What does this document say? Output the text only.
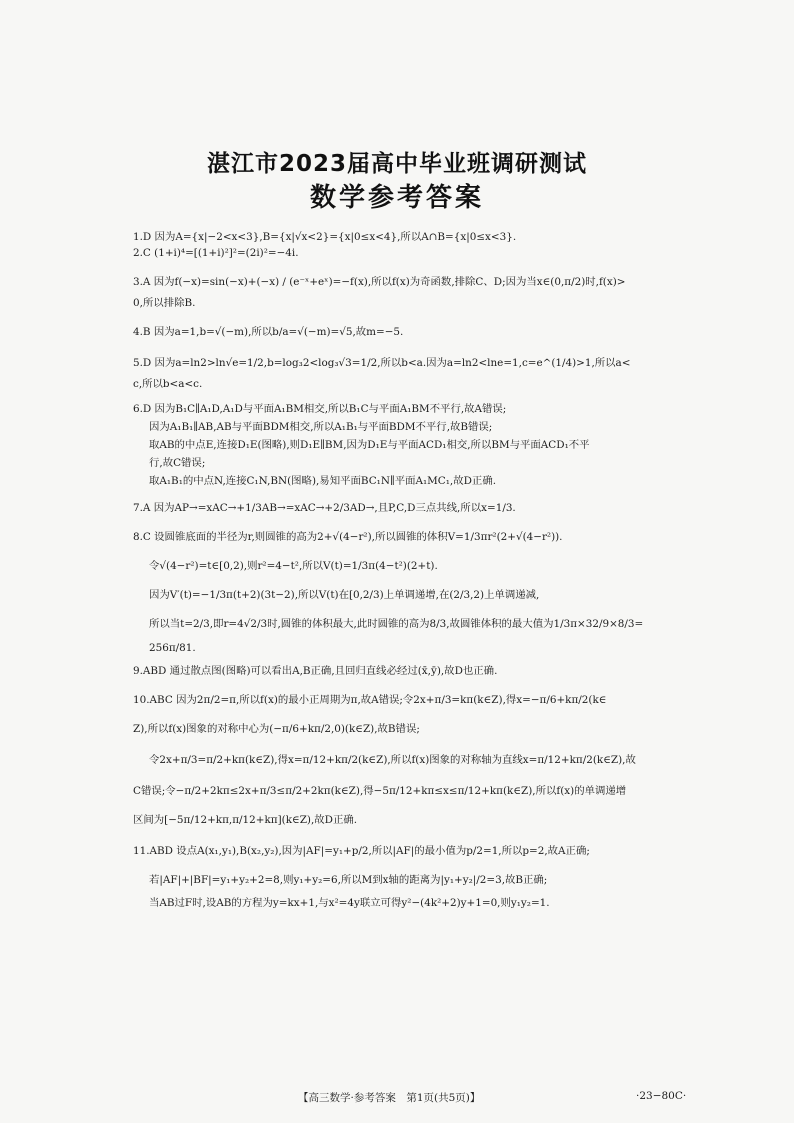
湛江市2023届高中毕业班调研测试
数学参考答案
1.D 因为A={x|−2<x<3},B={x|√x<2}={x|0≤x<4},所以A∩B={x|0≤x<3}.
2.C (1+i)⁴=[(1+i)²]²=(2i)²=−4i.
3.A 因为f(−x)=sin(−x)+(−x) / (e⁻ˣ+eˣ)=−f(x),所以f(x)为奇函数,排除C、D;因为当x∈(0,π/2)时,f(x)>
0,所以排除B.
4.B 因为a=1,b=√(−m),所以b/a=√(−m)=√5,故m=−5.
5.D 因为a=ln2>ln√e=1/2,b=log₃2<log₃√3=1/2,所以b<a.因为a=ln2<lne=1,c=e^(1/4)>1,所以a<
c,所以b<a<c.
6.D 因为B₁C∥A₁D,A₁D与平面A₁BM相交,所以B₁C与平面A₁BM不平行,故A错误;
因为A₁B₁∥AB,AB与平面BDM相交,所以A₁B₁与平面BDM不平行,故B错误;
取AB的中点E,连接D₁E(图略),则D₁E∥BM,因为D₁E与平面ACD₁相交,所以BM与平面ACD₁不平
行,故C错误;
取A₁B₁的中点N,连接C₁N,BN(图略),易知平面BC₁N∥平面A₁MC₁,故D正确.
7.A 因为AP→=xAC→+1/3AB→=xAC→+2/3AD→,且P,C,D三点共线,所以x=1/3.
8.C 设圆锥底面的半径为r,则圆锥的高为2+√(4−r²),所以圆锥的体积V=1/3πr²(2+√(4−r²)).
令√(4−r²)=t∈[0,2),则r²=4−t²,所以V(t)=1/3π(4−t²)(2+t).
因为V′(t)=−1/3π(t+2)(3t−2),所以V(t)在[0,2/3)上单调递增,在(2/3,2)上单调递减,
所以当t=2/3,即r=4√2/3时,圆锥的体积最大,此时圆锥的高为8/3,故圆锥体积的最大值为1/3π×32/9×8/3=
256π/81.
9.ABD 通过散点图(图略)可以看出A,B正确,且回归直线必经过(x̄,ȳ),故D也正确.
10.ABC 因为2π/2=π,所以f(x)的最小正周期为π,故A错误;令2x+π/3=kπ(k∈Z),得x=−π/6+kπ/2(k∈
Z),所以f(x)图象的对称中心为(−π/6+kπ/2,0)(k∈Z),故B错误;
令2x+π/3=π/2+kπ(k∈Z),得x=π/12+kπ/2(k∈Z),所以f(x)图象的对称轴为直线x=π/12+kπ/2(k∈Z),故
C错误;令−π/2+2kπ≤2x+π/3≤π/2+2kπ(k∈Z),得−5π/12+kπ≤x≤π/12+kπ(k∈Z),所以f(x)的单调递增
区间为[−5π/12+kπ,π/12+kπ](k∈Z),故D正确.
11.ABD 设点A(x₁,y₁),B(x₂,y₂),因为|AF|=y₁+p/2,所以|AF|的最小值为p/2=1,所以p=2,故A正确;
若|AF|+|BF|=y₁+y₂+2=8,则y₁+y₂=6,所以M到x轴的距离为|y₁+y₂|/2=3,故B正确;
当AB过F时,设AB的方程为y=kx+1,与x²=4y联立可得y²−(4k²+2)y+1=0,则y₁y₂=1.
【高三数学·参考答案　第1页(共5页)】	·23−80C·
